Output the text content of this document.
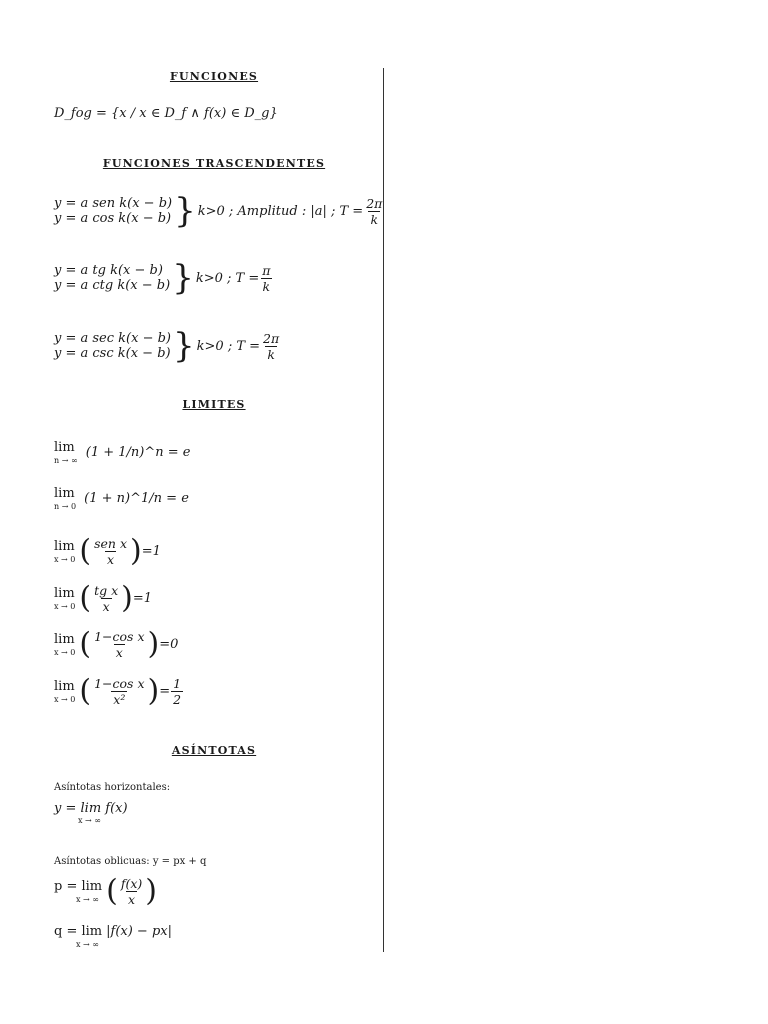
FUNCIONES
D_fog = {x / x ∈ D_f ∧ f(x) ∈ D_g}
FUNCIONES TRASCENDENTES
y = a sen k(x − b)
y = a cos k(x − b) } k>0 ; Amplitud : |a| ; $T = \frac{2\pi}{k}$
y = a tg k(x − b)
y = a ctg k(x − b) } k>0 ; $T = \frac{\pi}{k}$
y = a sec k(x − b)
y = a csc k(x − b) } k>0 ; $T = \frac{2\pi}{k}$
LIMITES
lim
n → ∞
(1 + 1/n)^n = e
lim
n → 0
(1 + n)^1/n = e
lim
x → 0 ( $\frac{\text{sen x}}{x} )=1$
lim
x → 0 ( $\frac{\text{tg x}}{x} )=1$
lim
x → 0 ( $\frac{\text{1−cos x}}{x} )=0$
lim
x → 0 ( $\frac{\text{1−cos x}}{\text{x²}}$ )= $\frac{1}{2}$
ASÍNTOTAS
Asíntotas horizontales:
y = lim f(x)
x → ∞
Asíntotas oblicuas: y = px + q
p = lim
x → ∞ ( $\frac{f(x)}{x}$ )
q = lim
x → ∞
|f(x) − px|
